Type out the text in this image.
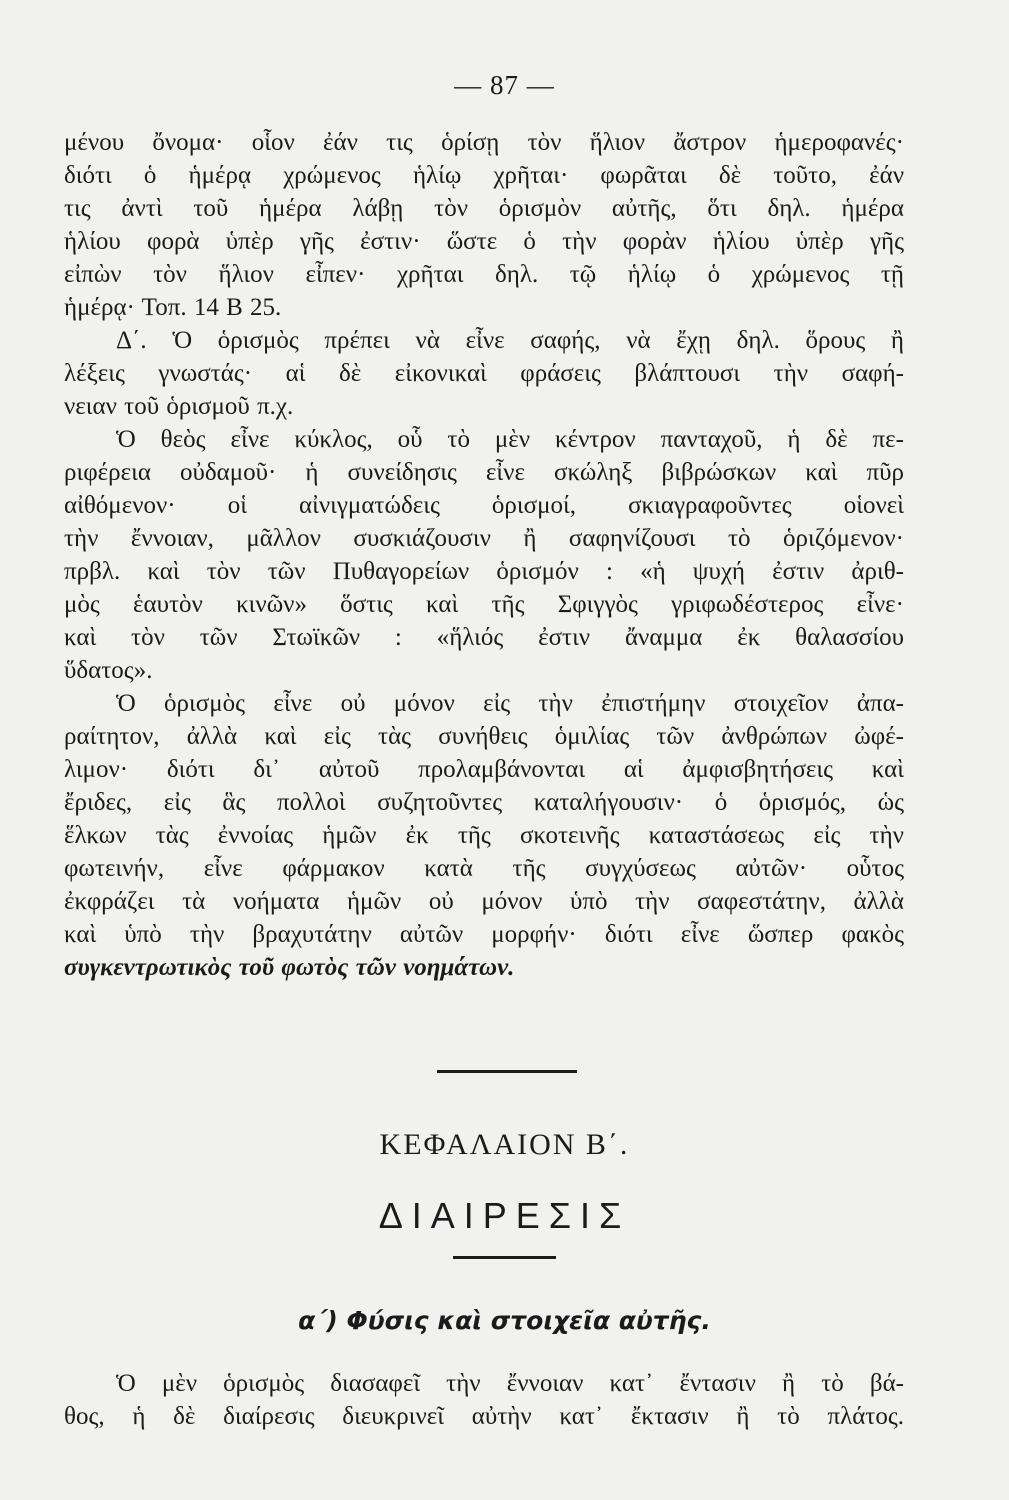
— 87 —
μένου ὄνομα· οἷον ἐάν τις ὁρίσῃ τὸν ἥλιον ἄστρον ἡμεροφανές·
διότι ὁ ἡμέρᾳ χρώμενος ἡλίῳ χρῆται· φωρᾶται δὲ τοῦτο, ἐάν
τις ἀντὶ τοῦ ἡμέρα λάβῃ τὸν ὁρισμὸν αὐτῆς, ὅτι δηλ. ἡμέρα
ἡλίου φορὰ ὑπὲρ γῆς ἐστιν· ὥστε ὁ τὴν φορὰν ἡλίου ὑπὲρ γῆς
εἰπὼν τὸν ἥλιον εἶπεν· χρῆται δηλ. τῷ ἡλίῳ ὁ χρώμενος τῇ
ἡμέρᾳ· Τοπ. 14 Β 25.
Δ΄. Ὁ ὁρισμὸς πρέπει νὰ εἶνε σαφής, νὰ ἔχῃ δηλ. ὅρους ἢ
λέξεις γνωστάς· αἱ δὲ εἰκονικαὶ φράσεις βλάπτουσι τὴν σαφή-
νειαν τοῦ ὁρισμοῦ π.χ.
Ὁ θεὸς εἶνε κύκλος, οὗ τὸ μὲν κέντρον πανταχοῦ, ἡ δὲ πε-
ριφέρεια οὐδαμοῦ· ἡ συνείδησις εἶνε σκώληξ βιβρώσκων καὶ πῦρ
αἰθόμενον· οἱ αἰνιγματώδεις ὁρισμοί, σκιαγραφοῦντες οἱονεὶ
τὴν ἔννοιαν, μᾶλλον συσκιάζουσιν ἢ σαφηνίζουσι τὸ ὁριζόμενον·
πρβλ. καὶ τὸν τῶν Πυθαγορείων ὁρισμόν : «ἡ ψυχή ἐστιν ἀριθ-
μὸς ἑαυτὸν κινῶν» ὅστις καὶ τῆς Σφιγγὸς γριφωδέστερος εἶνε·
καὶ τὸν τῶν Στωϊκῶν : «ἥλιός ἐστιν ἄναμμα ἐκ θαλασσίου
ὕδατος».
Ὁ ὁρισμὸς εἶνε οὐ μόνον εἰς τὴν ἐπιστήμην στοιχεῖον ἀπα-
ραίτητον, ἀλλὰ καὶ εἰς τὰς συνήθεις ὁμιλίας τῶν ἀνθρώπων ὠφέ-
λιμον· διότι δι᾽ αὐτοῦ προλαμβάνονται αἱ ἀμφισβητήσεις καὶ
ἔριδες, εἰς ἃς πολλοὶ συζητοῦντες καταλήγουσιν· ὁ ὁρισμός, ὡς
ἕλκων τὰς ἐννοίας ἡμῶν ἐκ τῆς σκοτεινῆς καταστάσεως εἰς τὴν
φωτεινήν, εἶνε φάρμακον κατὰ τῆς συγχύσεως αὐτῶν· οὗτος
ἐκφράζει τὰ νοήματα ἡμῶν οὐ μόνον ὑπὸ τὴν σαφεστάτην, ἀλλὰ
καὶ ὑπὸ τὴν βραχυτάτην αὐτῶν μορφήν· διότι εἶνε ὥσπερ φακὸς
συγκεντρωτικὸς τοῦ φωτὸς τῶν νοημάτων.
ΚΕΦΑΛΑΙΟΝ Β΄.
ΔΙΑΙΡΕΣΙΣ
α΄) Φύσις καὶ στοιχεῖα αὐτῆς.
Ὁ μὲν ὁρισμὸς διασαφεῖ τὴν ἔννοιαν κατ᾽ ἔντασιν ἢ τὸ βά-
θος, ἡ δὲ διαίρεσις διευκρινεῖ αὐτὴν κατ᾽ ἔκτασιν ἢ τὸ πλάτος.
